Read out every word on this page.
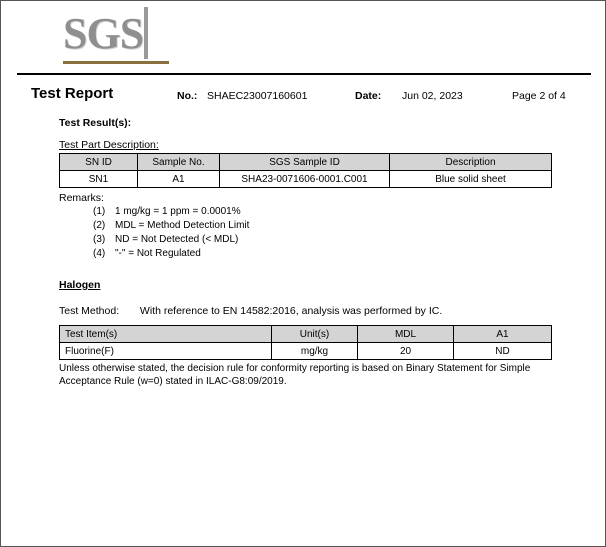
SGS
Test Report	No.: SHAEC23007160601	Date: Jun 02, 2023	Page 2 of 4
Test Result(s):
Test Part Description:
SN ID	Sample No.	SGS Sample ID	Description
SN1	A1	SHA23-0071606-0001.C001	Blue solid sheet
Remarks:
(1) 1 mg/kg = 1 ppm = 0.0001%
(2) MDL = Method Detection Limit
(3) ND = Not Detected (< MDL)
(4) "-" = Not Regulated
Halogen
Test Method: With reference to EN 14582:2016, analysis was performed by IC.
Test Item(s)	Unit(s)	MDL	A1
Fluorine(F)	mg/kg	20	ND
Unless otherwise stated, the decision rule for conformity reporting is based on Binary Statement for Simple Acceptance Rule (w=0) stated in ILAC-G8:09/2019.
